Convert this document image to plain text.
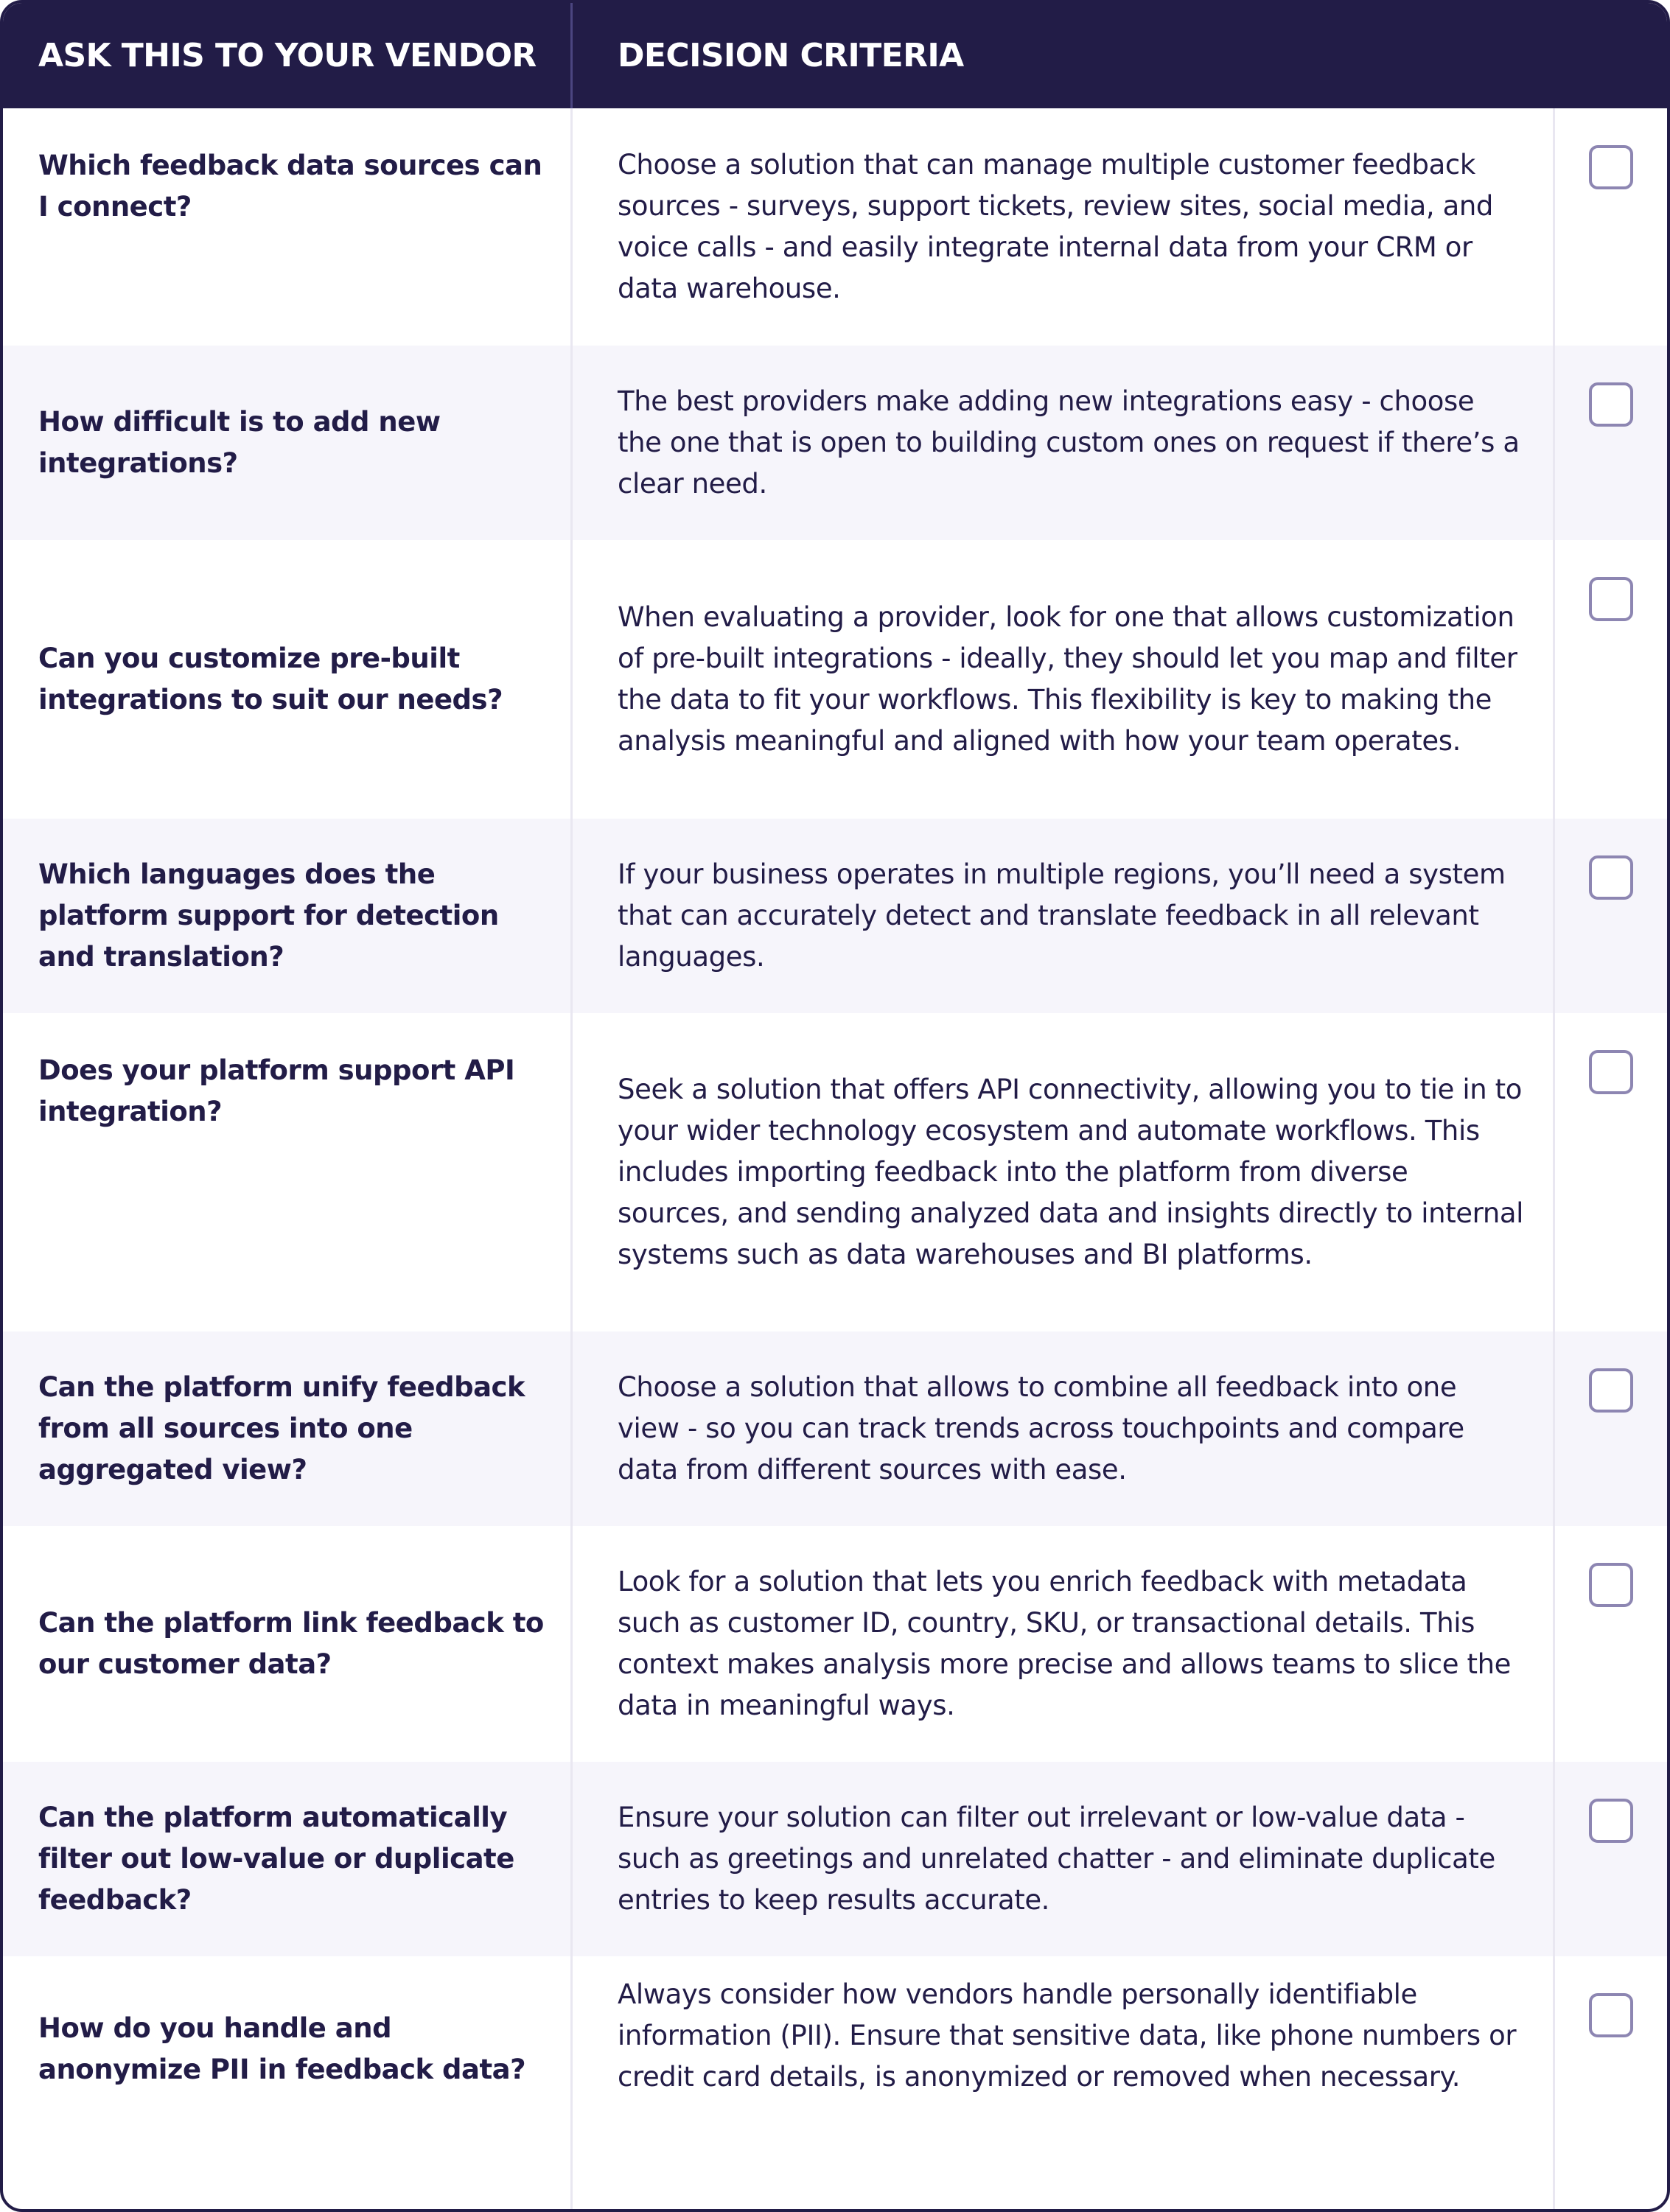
ASK THIS TO YOUR VENDOR	DECISION CRITERIA
Which feedback data sources can I connect?
Choose a solution that can manage multiple customer feedback sources - surveys, support tickets, review sites, social media, and voice calls - and easily integrate internal data from your CRM or data warehouse.
How difficult is to add new integrations?
The best providers make adding new integrations easy - choose the one that is open to building custom ones on request if there’s a clear need.
Can you customize pre-built integrations to suit our needs?
When evaluating a provider, look for one that allows customization of pre-built integrations - ideally, they should let you map and filter the data to fit your workflows. This flexibility is key to making the analysis meaningful and aligned with how your team operates.
Which languages does the platform support for detection and translation?
If your business operates in multiple regions, you’ll need a system that can accurately detect and translate feedback in all relevant languages.
Does your platform support API integration?
Seek a solution that offers API connectivity, allowing you to tie in to your wider technology ecosystem and automate workflows. This includes importing feedback into the platform from diverse sources, and sending analyzed data and insights directly to internal systems such as data warehouses and BI platforms.
Can the platform unify feedback from all sources into one aggregated view?
Choose a solution that allows to combine all feedback into one view - so you can track trends across touchpoints and compare data from different sources with ease.
Can the platform link feedback to our customer data?
Look for a solution that lets you enrich feedback with metadata such as customer ID, country, SKU, or transactional details. This context makes analysis more precise and allows teams to slice the data in meaningful ways.
Can the platform automatically filter out low-value or duplicate feedback?
Ensure your solution can filter out irrelevant or low-value data - such as greetings and unrelated chatter - and eliminate duplicate entries to keep results accurate.
How do you handle and anonymize PII in feedback data?
Always consider how vendors handle personally identifiable information (PII). Ensure that sensitive data, like phone numbers or credit card details, is anonymized or removed when necessary.
